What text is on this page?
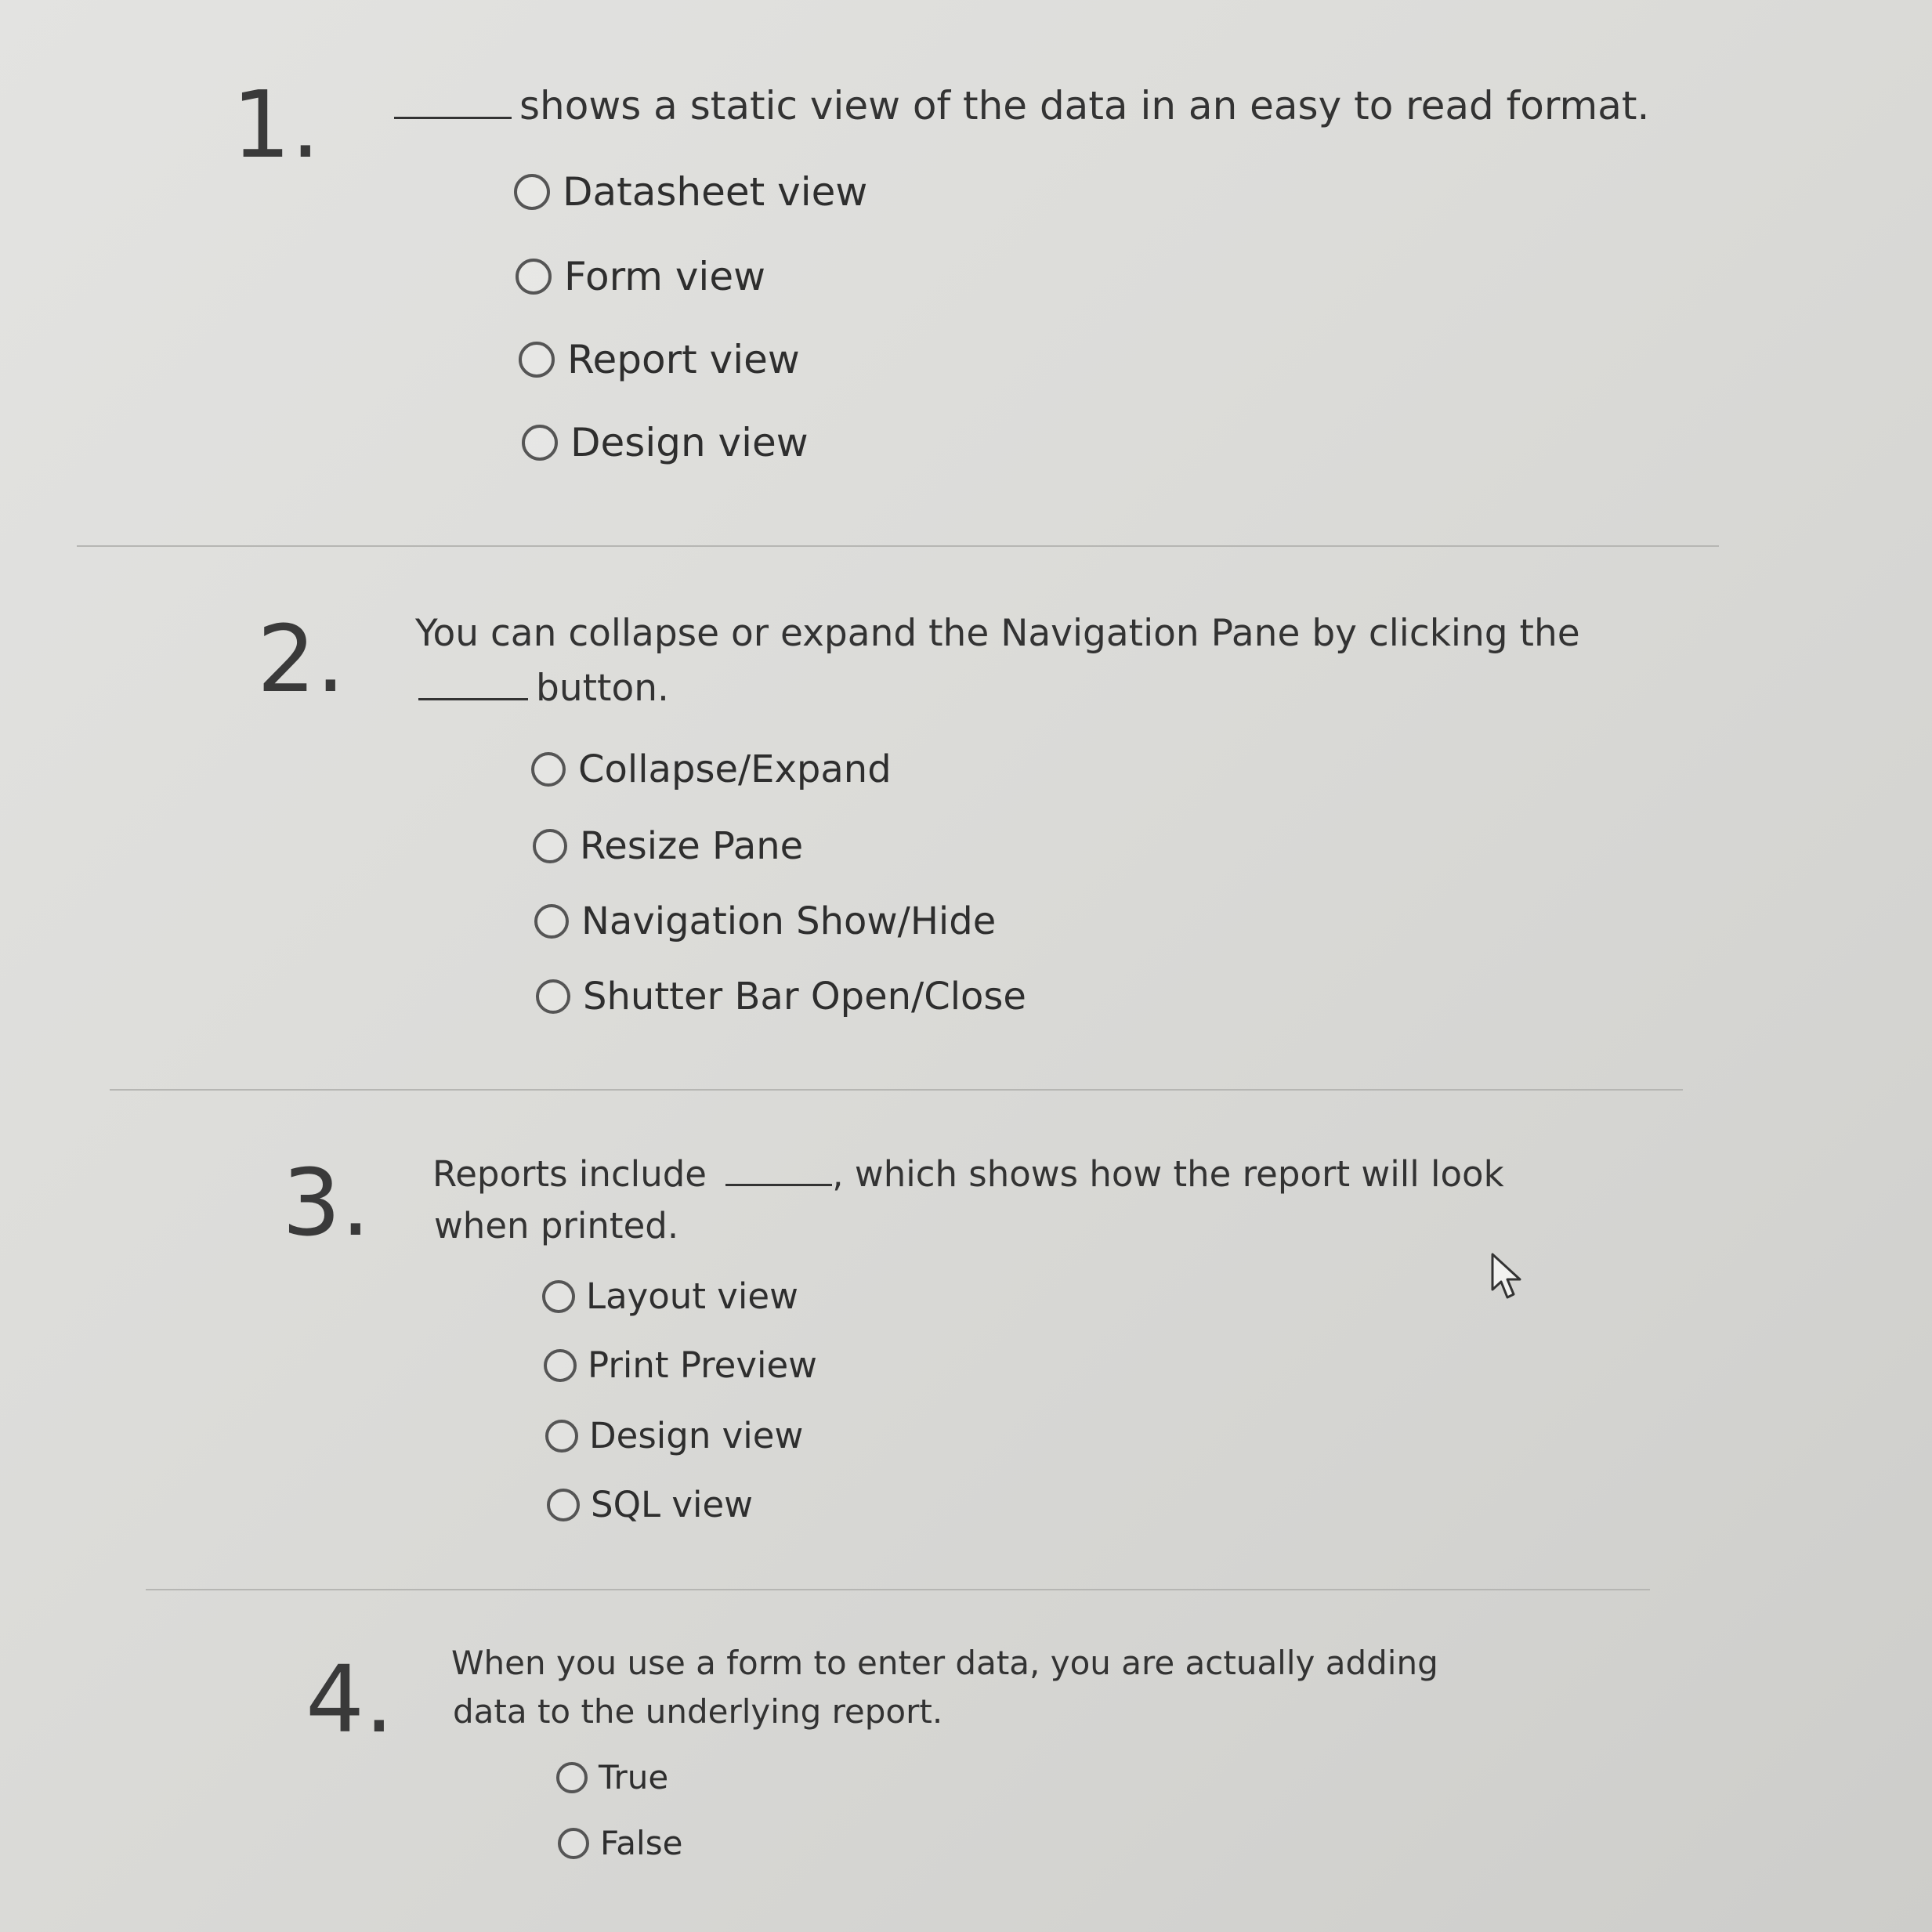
1.	shows a static view of the data in an easy to read format.
Datasheet view
Form view
Report view
Design view
2. You can collapse or expand the Navigation Pane by clicking the
button.
Collapse/Expand
Resize Pane
Navigation Show/Hide
Shutter Bar Open/Close
3. Reports include	, which shows how the report will look
when printed.
Layout view
Print Preview
Design view
SQL view
4. When you use a form to enter data, you are actually adding
data to the underlying report.
True
False
